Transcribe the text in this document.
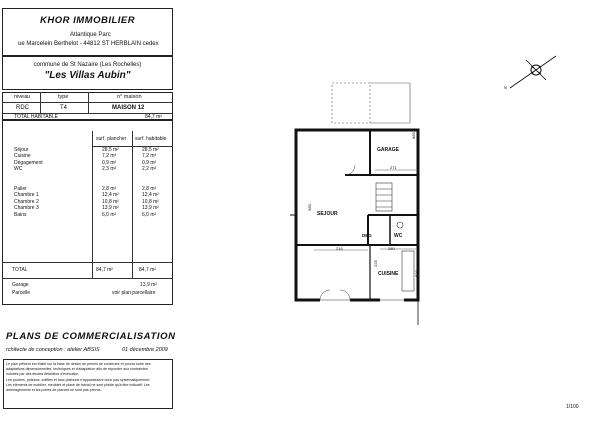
KHOR IMMOBILIER
Atlantique Parc
ue Marcelein Berthelot - 44812 ST HERBLAIN cedex
commune de St Nazaire (Les Rochelles)
"Les Villas Aubin"
niveau	type	n° maison
RDC	T4	MAISON 12
TOTAL HABITABLE	84,7 m²
surf. plancher surf. habitable
Séjour	28,5 m²	28,5 m²
Cuisine	7,2 m²	7,2 m²
Dégagement	0,9 m²	0,9 m²
WC	2,3 m²	2,2 m²
Palier	2,8 m²	2,8 m²
Chambre 1	12,4 m²	12,4 m²
Chambre 2	10,8 m²	10,8 m²
Chambre 3	13,9 m²	13,9 m²
Bains	6,0 m²	6,0 m²
TOTAL	84,7 m²	84,7 m²
Garage	13,9 m²
Parcelle	voir plan parcellaire
PLANS DE COMMERCIALISATION
rchitecte de conception : atelier ABSIS	01 décembre 2009
Le plan présent est établi sur la base de dessin de permis de construire et pourra subir des
adaptations dimensionnelles, techniques et d'adaptation afin de répondre aux contraintes
induites par des études détaillées d'exécution.
Les poutres, poteaux, soffites et faux plafonds n'apparaissent donc pas systématiquement.
Les éléments de mobilier, meubles et place de travail ne sont plaidé qu'à titre indicatif. Les
aménagements et les portes de placard ne sont pas prévus.
GARAGE
SEJOUR
DEG	WC
CUISINE
271
216	280
580
880
225
520
N
1/100
